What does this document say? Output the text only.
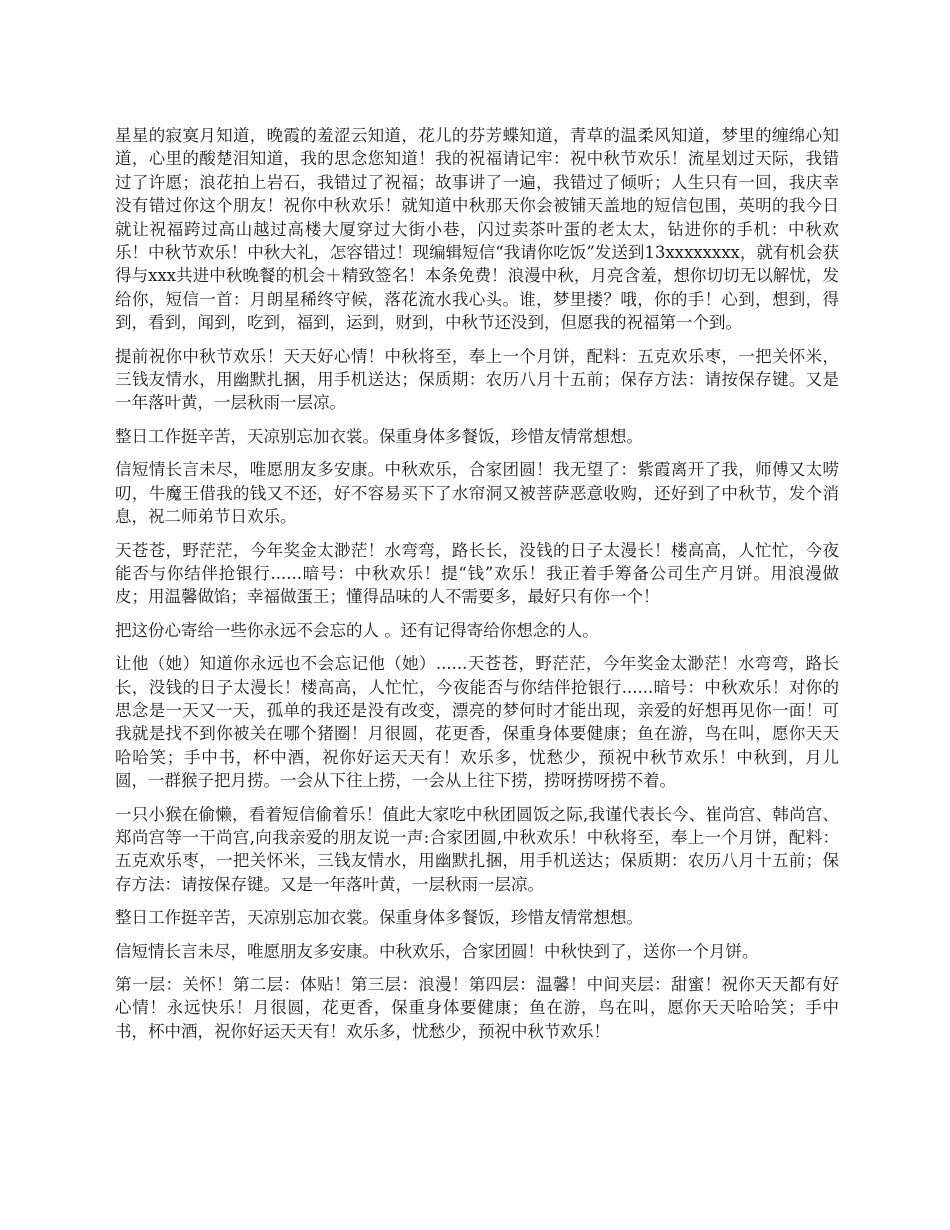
星星的寂寞月知道，晚霞的羞涩云知道，花儿的芬芳蝶知道，青草的温柔风知道，梦里的缠绵心知道，心里的酸楚泪知道，我的思念您知道！我的祝福请记牢：祝中秋节欢乐！流星划过天际，我错过了许愿；浪花拍上岩石，我错过了祝福；故事讲了一遍，我错过了倾听；人生只有一回，我庆幸没有错过你这个朋友！祝你中秋欢乐！就知道中秋那天你会被铺天盖地的短信包围，英明的我今日就让祝福跨过高山越过高楼大厦穿过大街小巷，闪过卖茶叶蛋的老太太，钻进你的手机：中秋欢乐！中秋节欢乐！中秋大礼，怎容错过！现编辑短信“我请你吃饭”发送到13xxxxxxxx，就有机会获得与xxx共进中秋晚餐的机会＋精致签名！本条免费！浪漫中秋，月亮含羞，想你切切无以解忧，发给你，短信一首：月朗星稀终守候，落花流水我心头。谁，梦里搂？哦，你的手！心到，想到，得到，看到，闻到，吃到，福到，运到，财到，中秋节还没到，但愿我的祝福第一个到。

提前祝你中秋节欢乐！天天好心情！中秋将至，奉上一个月饼，配料：五克欢乐枣，一把关怀米，三钱友情水，用幽默扎捆，用手机送达；保质期：农历八月十五前；保存方法：请按保存键。又是一年落叶黄，一层秋雨一层凉。

整日工作挺辛苦，天凉别忘加衣裳。保重身体多餐饭，珍惜友情常想想。

信短情长言未尽，唯愿朋友多安康。中秋欢乐，合家团圆！我无望了：紫霞离开了我，师傅又太唠叨，牛魔王借我的钱又不还，好不容易买下了水帘洞又被菩萨恶意收购，还好到了中秋节，发个消息，祝二师弟节日欢乐。

天苍苍，野茫茫，今年奖金太渺茫！水弯弯，路长长，没钱的日子太漫长！楼高高，人忙忙，今夜能否与你结伴抢银行......暗号：中秋欢乐！提“钱”欢乐！我正着手筹备公司生产月饼。用浪漫做皮；用温馨做馅；幸福做蛋王；懂得品味的人不需要多，最好只有你一个！

把这份心寄给一些你永远不会忘的人 。还有记得寄给你想念的人。

让他（她）知道你永远也不会忘记他（她）......天苍苍，野茫茫，今年奖金太渺茫！水弯弯，路长长，没钱的日子太漫长！楼高高，人忙忙，今夜能否与你结伴抢银行......暗号：中秋欢乐！对你的思念是一天又一天，孤单的我还是没有改变，漂亮的梦何时才能出现，亲爱的好想再见你一面！可我就是找不到你被关在哪个猪圈！月很圆，花更香，保重身体要健康；鱼在游，鸟在叫，愿你天天哈哈笑；手中书，杯中酒，祝你好运天天有！欢乐多，忧愁少，预祝中秋节欢乐！中秋到，月儿圆，一群猴子把月捞。一会从下往上捞，一会从上往下捞，捞呀捞呀捞不着。

一只小猴在偷懒，看着短信偷着乐！值此大家吃中秋团圆饭之际,我谨代表长今、崔尚宫、韩尚宫、郑尚宫等一干尚宫,向我亲爱的朋友说一声:合家团圆,中秋欢乐！中秋将至，奉上一个月饼，配料：五克欢乐枣，一把关怀米，三钱友情水，用幽默扎捆，用手机送达；保质期：农历八月十五前；保存方法：请按保存键。又是一年落叶黄，一层秋雨一层凉。

整日工作挺辛苦，天凉别忘加衣裳。保重身体多餐饭，珍惜友情常想想。

信短情长言未尽，唯愿朋友多安康。中秋欢乐，合家团圆！中秋快到了，送你一个月饼。

第一层：关怀！第二层：体贴！第三层：浪漫！第四层：温馨！中间夹层：甜蜜！祝你天天都有好心情！永远快乐！月很圆，花更香，保重身体要健康；鱼在游，鸟在叫，愿你天天哈哈笑；手中书，杯中酒，祝你好运天天有！欢乐多，忧愁少，预祝中秋节欢乐！
